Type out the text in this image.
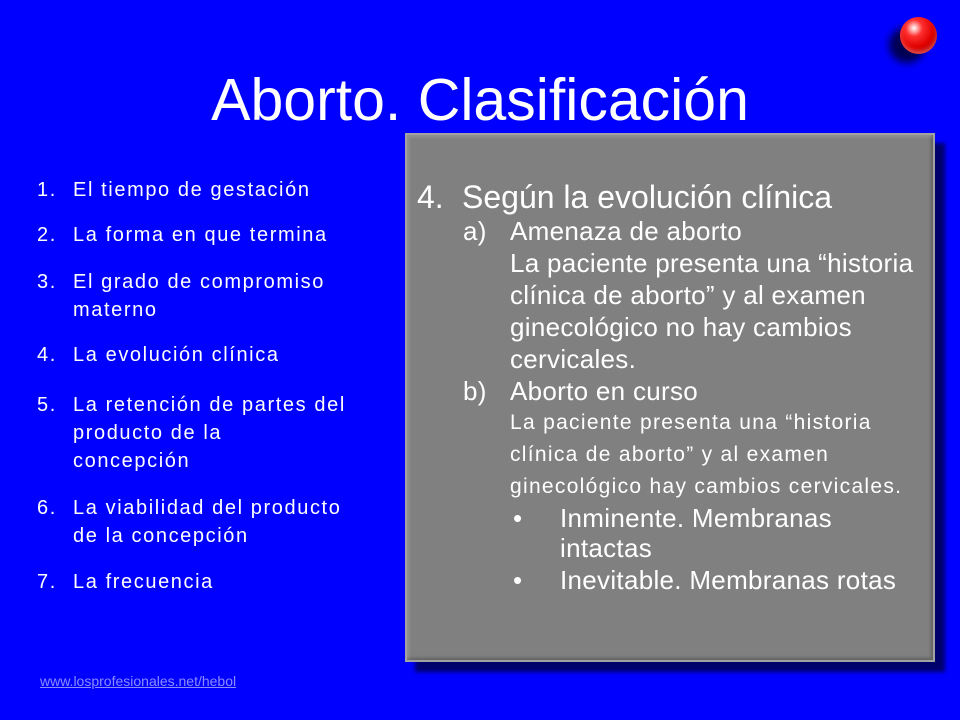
Aborto. Clasificación
1. El tiempo de gestación
2. La forma en que termina
3. El grado de compromiso
materno
4. La evolución clínica
5. La retención de partes del
producto de la
concepción
6. La viabilidad del producto
de la concepción
7. La frecuencia
4. Según la evolución clínica
a) Amenaza de aborto
La paciente presenta una “historia
clínica de aborto” y al examen
ginecológico no hay cambios
cervicales.
b) Aborto en curso
La paciente presenta una “historia
clínica de aborto” y al examen
ginecológico hay cambios cervicales.
•	Inminente. Membranas
intactas
•	Inevitable. Membranas rotas
www.losprofesionales.net/hebol
